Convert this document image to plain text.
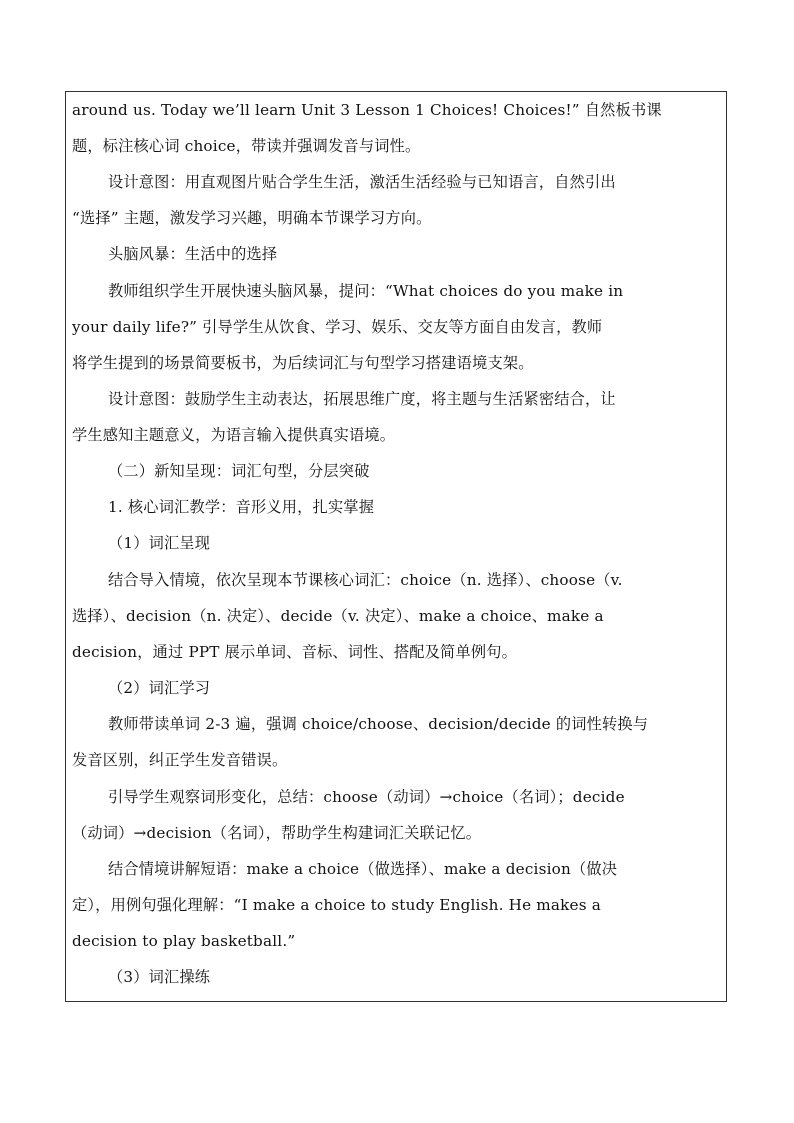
around us. Today we’ll learn Unit 3 Lesson 1 Choices! Choices!” 自然板书课
题，标注核心词 choice，带读并强调发音与词性。
设计意图：用直观图片贴合学生生活，激活生活经验与已知语言，自然引出
“选择” 主题，激发学习兴趣，明确本节课学习方向。
头脑风暴：生活中的选择
教师组织学生开展快速头脑风暴，提问：“What choices do you make in
your daily life?” 引导学生从饮食、学习、娱乐、交友等方面自由发言，教师
将学生提到的场景简要板书，为后续词汇与句型学习搭建语境支架。
设计意图：鼓励学生主动表达，拓展思维广度，将主题与生活紧密结合，让
学生感知主题意义，为语言输入提供真实语境。
（二）新知呈现：词汇句型，分层突破
1. 核心词汇教学：音形义用，扎实掌握
（1）词汇呈现
结合导入情境，依次呈现本节课核心词汇：choice（n. 选择）、choose（v.
选择）、decision（n. 决定）、decide（v. 决定）、make a choice、make a
decision，通过 PPT 展示单词、音标、词性、搭配及简单例句。
（2）词汇学习
教师带读单词 2-3 遍，强调 choice/choose、decision/decide 的词性转换与
发音区别，纠正学生发音错误。
引导学生观察词形变化，总结：choose（动词）→choice（名词）；decide
（动词）→decision（名词），帮助学生构建词汇关联记忆。
结合情境讲解短语：make a choice（做选择）、make a decision（做决
定），用例句强化理解：“I make a choice to study English. He makes a
decision to play basketball.”
（3）词汇操练
